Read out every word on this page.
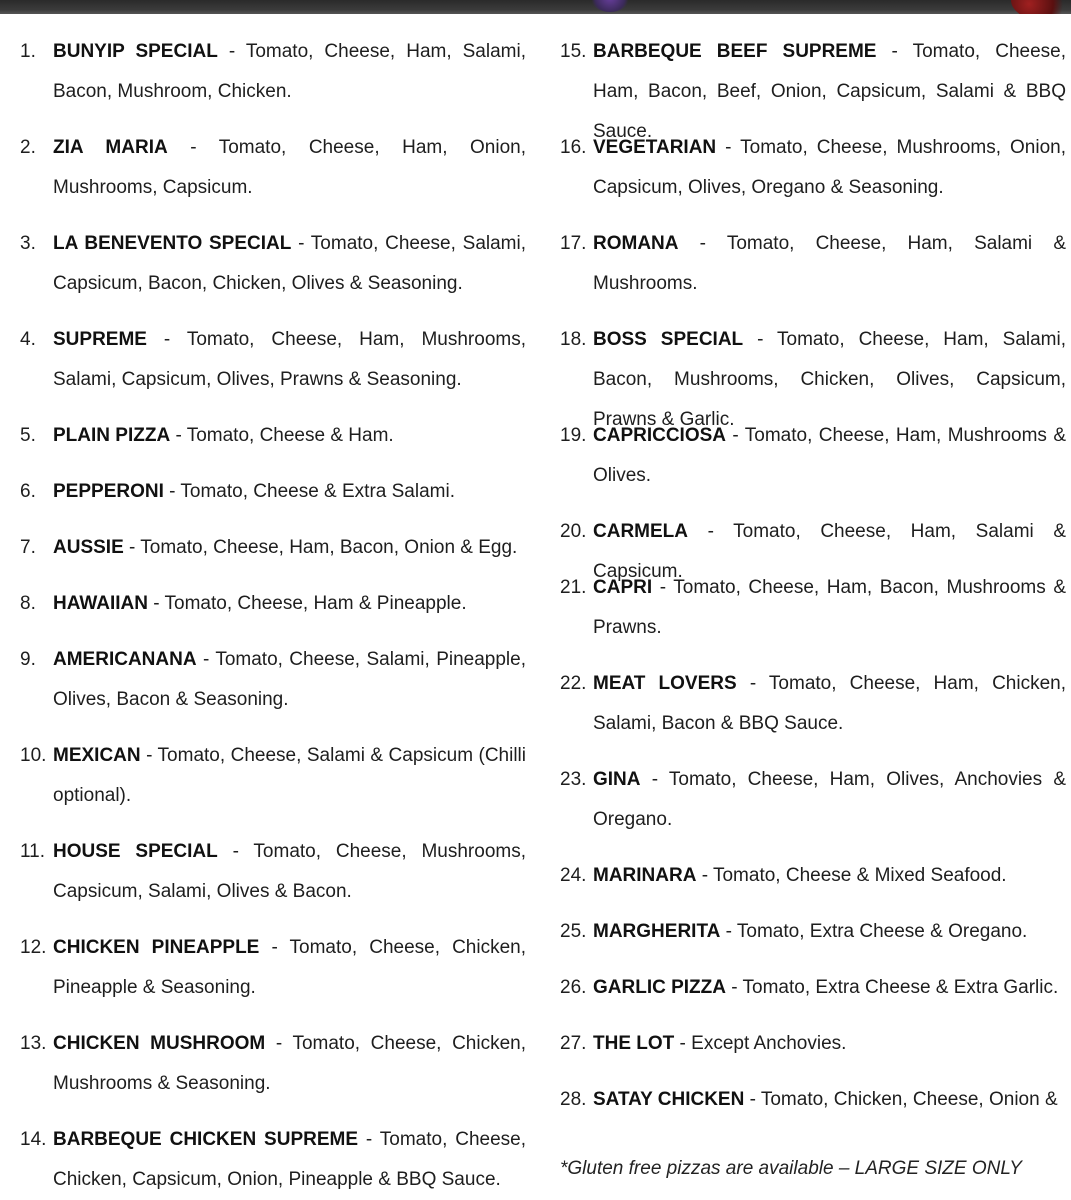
1. BUNYIP SPECIAL - Tomato, Cheese, Ham, Salami, Bacon, Mushroom, Chicken.
2. ZIA MARIA - Tomato, Cheese, Ham, Onion, Mushrooms, Capsicum.
3. LA BENEVENTO SPECIAL - Tomato, Cheese, Salami, Capsicum, Bacon, Chicken, Olives & Seasoning.
4. SUPREME - Tomato, Cheese, Ham, Mushrooms, Salami, Capsicum, Olives, Prawns & Seasoning.
5. PLAIN PIZZA - Tomato, Cheese & Ham.
6. PEPPERONI - Tomato, Cheese & Extra Salami.
7. AUSSIE - Tomato, Cheese, Ham, Bacon, Onion & Egg.
8. HAWAIIAN - Tomato, Cheese, Ham & Pineapple.
9. AMERICANANA - Tomato, Cheese, Salami, Pineapple, Olives, Bacon & Seasoning.
10. MEXICAN - Tomato, Cheese, Salami & Capsicum (Chilli optional).
11. HOUSE SPECIAL - Tomato, Cheese, Mushrooms, Capsicum, Salami, Olives & Bacon.
12. CHICKEN PINEAPPLE - Tomato, Cheese, Chicken, Pineapple & Seasoning.
13. CHICKEN MUSHROOM - Tomato, Cheese, Chicken, Mushrooms & Seasoning.
14. BARBEQUE CHICKEN SUPREME - Tomato, Cheese, Chicken, Capsicum, Onion, Pineapple & BBQ Sauce.
15. BARBEQUE BEEF SUPREME - Tomato, Cheese, Ham, Bacon, Beef, Onion, Capsicum, Salami & BBQ Sauce.
16. VEGETARIAN - Tomato, Cheese, Mushrooms, Onion, Capsicum, Olives, Oregano & Seasoning.
17. ROMANA - Tomato, Cheese, Ham, Salami & Mushrooms.
18. BOSS SPECIAL - Tomato, Cheese, Ham, Salami, Bacon, Mushrooms, Chicken, Olives, Capsicum, Prawns & Garlic.
19. CAPRICCIOSA - Tomato, Cheese, Ham, Mushrooms & Olives.
20. CARMELA - Tomato, Cheese, Ham, Salami & Capsicum.
21. CAPRI - Tomato, Cheese, Ham, Bacon, Mushrooms & Prawns.
22. MEAT LOVERS - Tomato, Cheese, Ham, Chicken, Salami, Bacon & BBQ Sauce.
23. GINA - Tomato, Cheese, Ham, Olives, Anchovies & Oregano.
24. MARINARA - Tomato, Cheese & Mixed Seafood.
25. MARGHERITA - Tomato, Extra Cheese & Oregano.
26. GARLIC PIZZA - Tomato, Extra Cheese & Extra Garlic.
27. THE LOT - Except Anchovies.
28. SATAY CHICKEN - Tomato, Chicken, Cheese, Onion &
*Gluten free pizzas are available – LARGE SIZE ONLY
